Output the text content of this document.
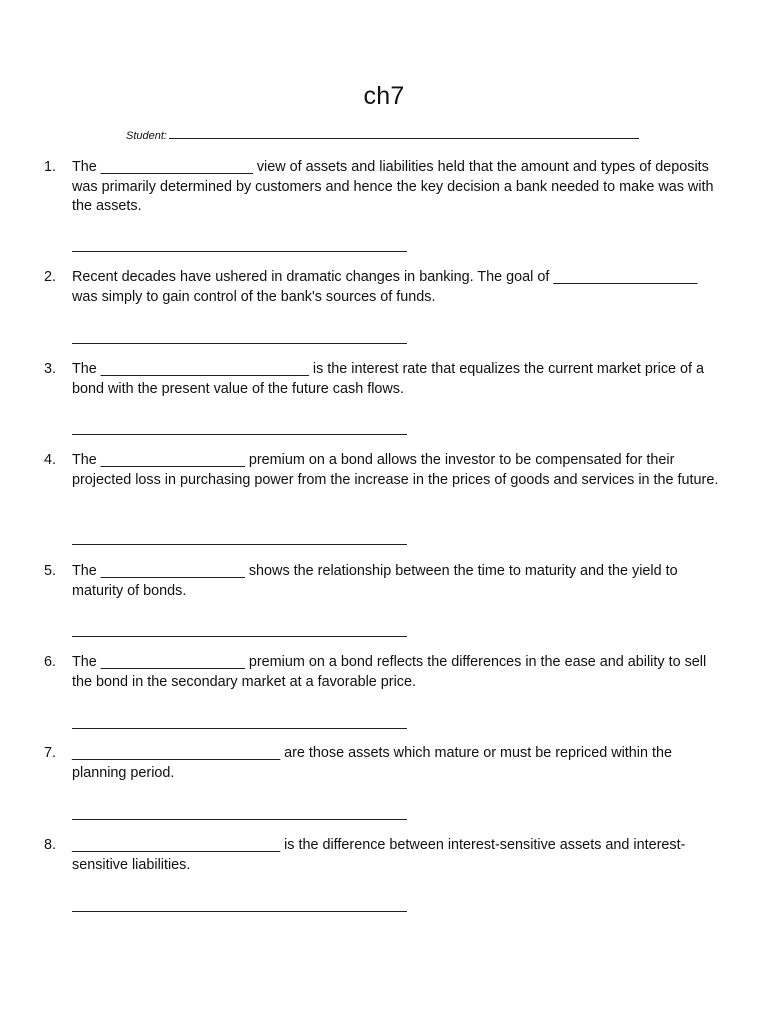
ch7
Student:
1.	The ___________________ view of assets and liabilities held that the amount and types of deposits was primarily determined by customers and hence the key decision a bank needed to make was with the assets.
2.	Recent decades have ushered in dramatic changes in banking. The goal of __________________ was simply to gain control of the bank's sources of funds.
3.	The __________________________ is the interest rate that equalizes the current market price of a bond with the present value of the future cash flows.
4.	The __________________ premium on a bond allows the investor to be compensated for their projected loss in purchasing power from the increase in the prices of goods and services in the future.
5.	The __________________ shows the relationship between the time to maturity and the yield to maturity of bonds.
6.	The __________________ premium on a bond reflects the differences in the ease and ability to sell the bond in the secondary market at a favorable price.
7.	__________________________ are those assets which mature or must be repriced within the planning period.
8.	__________________________ is the difference between interest-sensitive assets and interest-sensitive liabilities.
